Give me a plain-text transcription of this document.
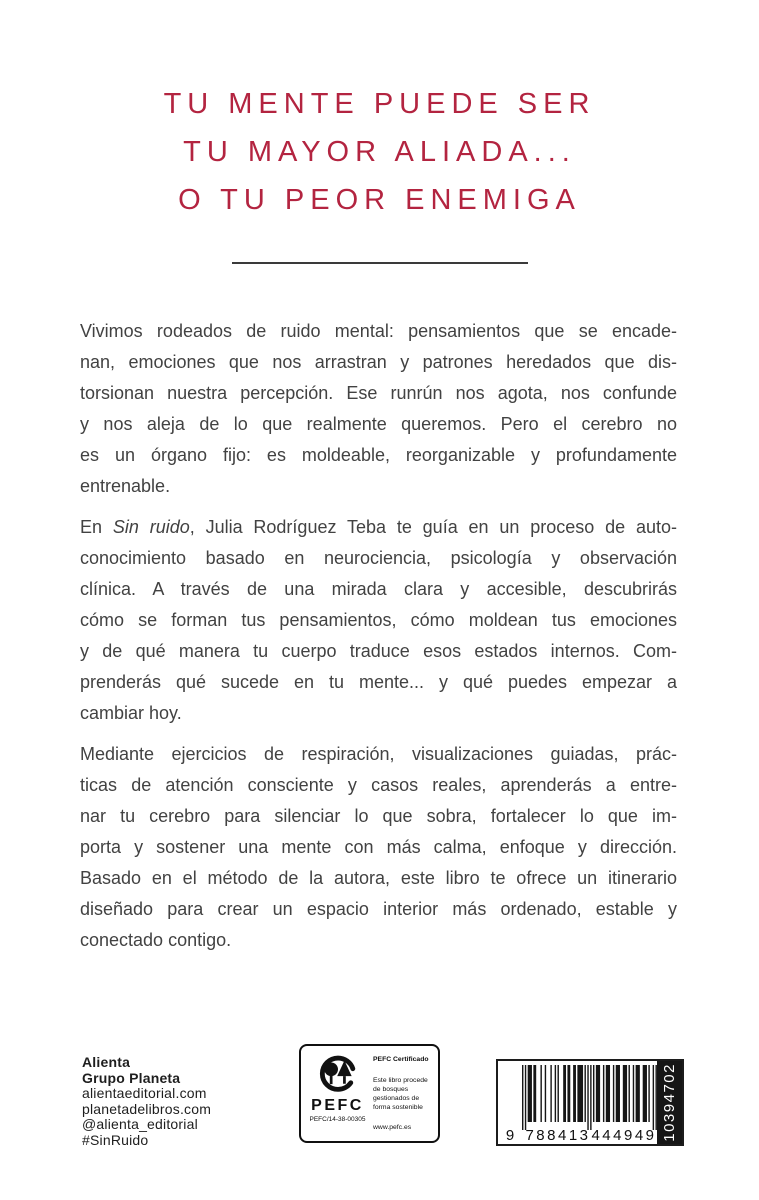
TU MENTE PUEDE SER
TU MAYOR ALIADA...
O TU PEOR ENEMIGA
Vivimos rodeados de ruido mental: pensamientos que se encade-
nan, emociones que nos arrastran y patrones heredados que dis-
torsionan nuestra percepción. Ese runrún nos agota, nos confunde
y nos aleja de lo que realmente queremos. Pero el cerebro no
es un órgano fijo: es moldeable, reorganizable y profundamente
entrenable.
En Sin ruido, Julia Rodríguez Teba te guía en un proceso de auto-
conocimiento basado en neurociencia, psicología y observación
clínica. A través de una mirada clara y accesible, descubrirás
cómo se forman tus pensamientos, cómo moldean tus emociones
y de qué manera tu cuerpo traduce esos estados internos. Com-
prenderás qué sucede en tu mente... y qué puedes empezar a
cambiar hoy.
Mediante ejercicios de respiración, visualizaciones guiadas, prác-
ticas de atención consciente y casos reales, aprenderás a entre-
nar tu cerebro para silenciar lo que sobra, fortalecer lo que im-
porta y sostener una mente con más calma, enfoque y dirección.
Basado en el método de la autora, este libro te ofrece un itinerario
diseñado para crear un espacio interior más ordenado, estable y
conectado contigo.
Alienta
Grupo Planeta
alientaeditorial.com
planetadelibros.com
@alienta_editorial
#SinRuido
PEFC
PEFC/14-38-00305
PEFC Certificado
Este libro procede de bosques gestionados de forma sostenible
www.pefc.es	9 788413 444949 10394702
